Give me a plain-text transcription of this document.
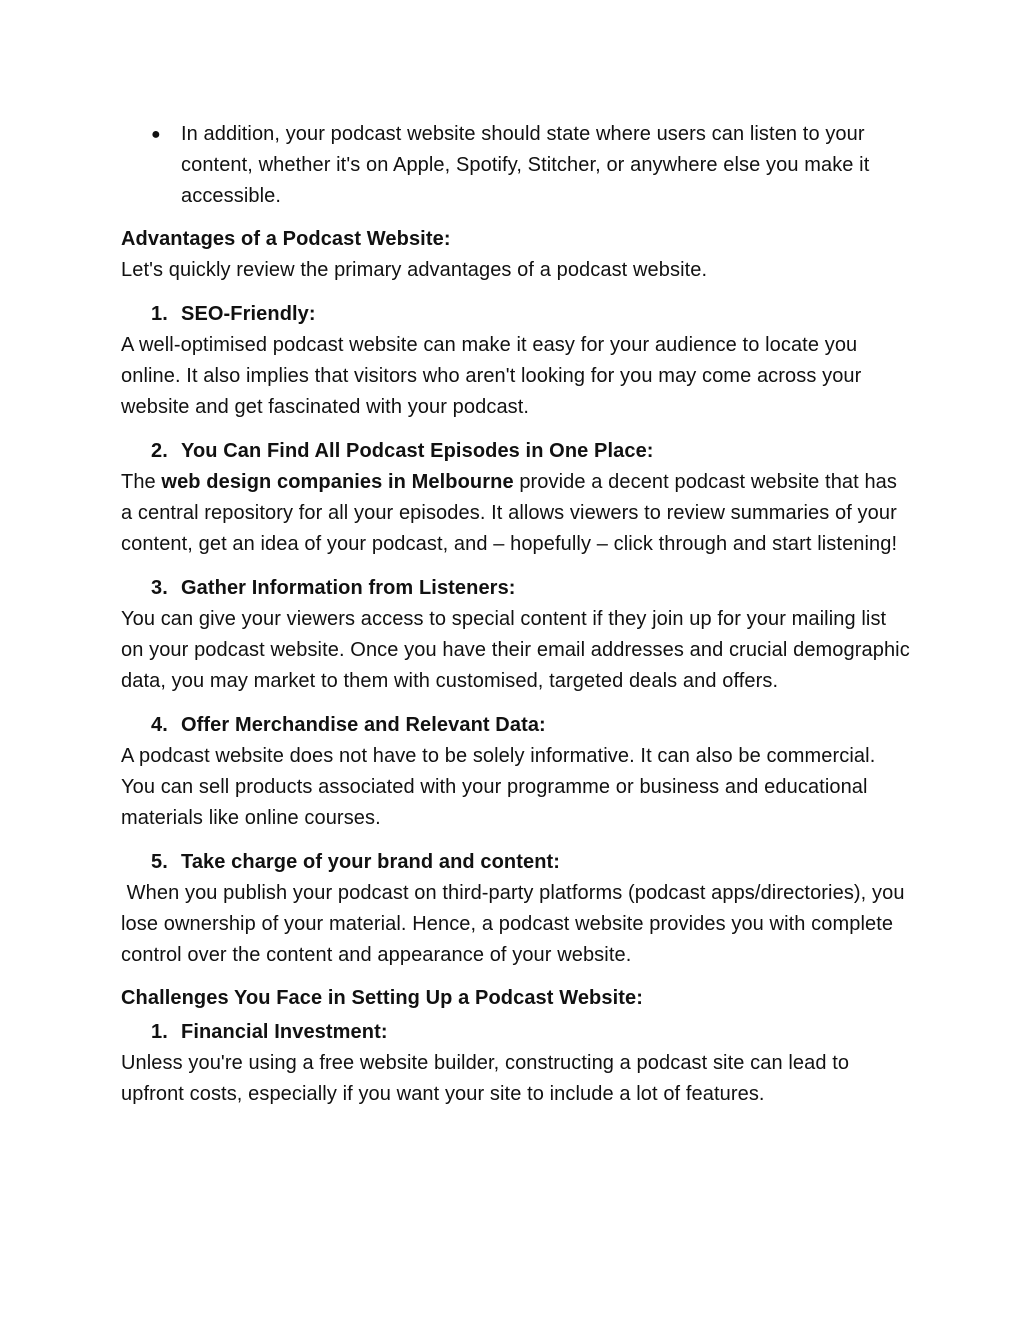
●	In addition, your podcast website should state where users can listen to your content, whether it's on Apple, Spotify, Stitcher, or anywhere else you make it accessible.
Advantages of a Podcast Website:

Let's quickly review the primary advantages of a podcast website.

1. SEO-Friendly:

A well-optimised podcast website can make it easy for your audience to locate you online. It also implies that visitors who aren't looking for you may come across your website and get fascinated with your podcast.

2. You Can Find All Podcast Episodes in One Place:

The web design companies in Melbourne provide a decent podcast website that has a central repository for all your episodes. It allows viewers to review summaries of your content, get an idea of your podcast, and – hopefully – click through and start listening!

3. Gather Information from Listeners:

You can give your viewers access to special content if they join up for your mailing list on your podcast website. Once you have their email addresses and crucial demographic data, you may market to them with customised, targeted deals and offers.

4. Offer Merchandise and Relevant Data:

A podcast website does not have to be solely informative. It can also be commercial. You can sell products associated with your programme or business and educational materials like online courses.

5. Take charge of your brand and content:

When you publish your podcast on third-party platforms (podcast apps/directories), you lose ownership of your material. Hence, a podcast website provides you with complete control over the content and appearance of your website.

Challenges You Face in Setting Up a Podcast Website:
1. Financial Investment:

Unless you're using a free website builder, constructing a podcast site can lead to upfront costs, especially if you want your site to include a lot of features.
